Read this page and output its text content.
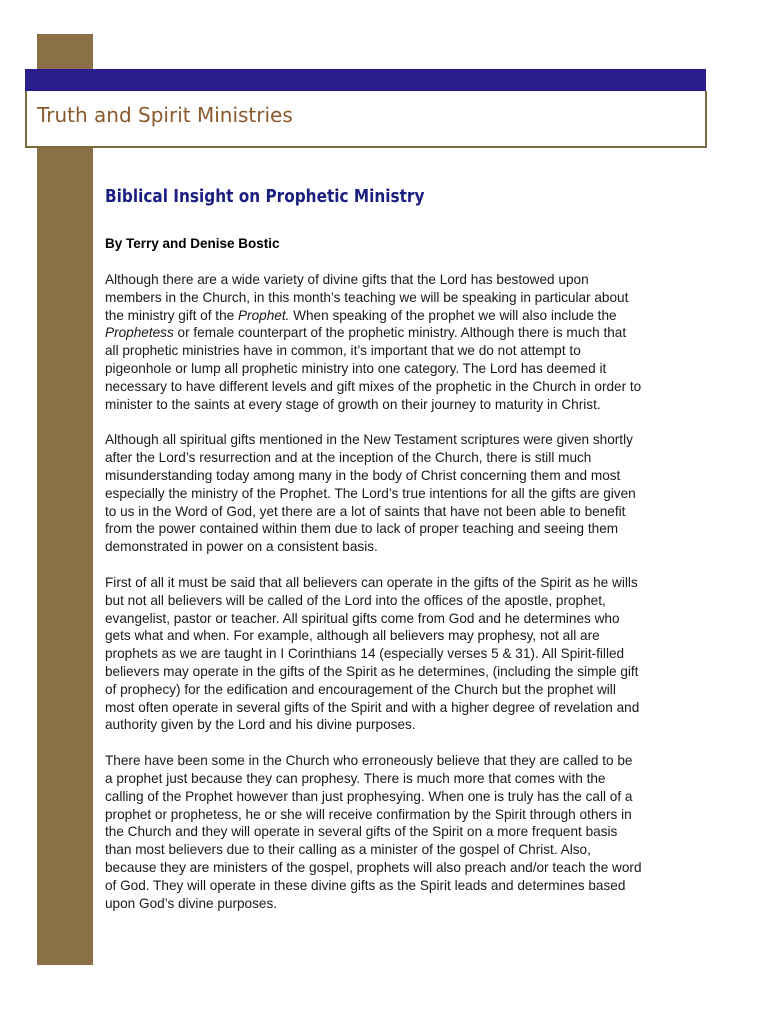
Truth and Spirit Ministries
Biblical Insight on Prophetic Ministry
By Terry and Denise Bostic

Although there are a wide variety of divine gifts that the Lord has bestowed upon
members in the Church, in this month’s teaching we will be speaking in particular about
the ministry gift of the Prophet. When speaking of the prophet we will also include the
Prophetess or female counterpart of the prophetic ministry. Although there is much that
all prophetic ministries have in common, it’s important that we do not attempt to
pigeonhole or lump all prophetic ministry into one category. The Lord has deemed it
necessary to have different levels and gift mixes of the prophetic in the Church in order to
minister to the saints at every stage of growth on their journey to maturity in Christ.

Although all spiritual gifts mentioned in the New Testament scriptures were given shortly
after the Lord’s resurrection and at the inception of the Church, there is still much
misunderstanding today among many in the body of Christ concerning them and most
especially the ministry of the Prophet. The Lord’s true intentions for all the gifts are given
to us in the Word of God, yet there are a lot of saints that have not been able to benefit
from the power contained within them due to lack of proper teaching and seeing them
demonstrated in power on a consistent basis.

First of all it must be said that all believers can operate in the gifts of the Spirit as he wills
but not all believers will be called of the Lord into the offices of the apostle, prophet,
evangelist, pastor or teacher. All spiritual gifts come from God and he determines who
gets what and when. For example, although all believers may prophesy, not all are
prophets as we are taught in I Corinthians 14 (especially verses 5 & 31). All Spirit-filled
believers may operate in the gifts of the Spirit as he determines, (including the simple gift
of prophecy) for the edification and encouragement of the Church but the prophet will
most often operate in several gifts of the Spirit and with a higher degree of revelation and
authority given by the Lord and his divine purposes.

There have been some in the Church who erroneously believe that they are called to be
a prophet just because they can prophesy. There is much more that comes with the
calling of the Prophet however than just prophesying. When one is truly has the call of a
prophet or prophetess, he or she will receive confirmation by the Spirit through others in
the Church and they will operate in several gifts of the Spirit on a more frequent basis
than most believers due to their calling as a minister of the gospel of Christ. Also,
because they are ministers of the gospel, prophets will also preach and/or teach the word
of God. They will operate in these divine gifts as the Spirit leads and determines based
upon God’s divine purposes.
